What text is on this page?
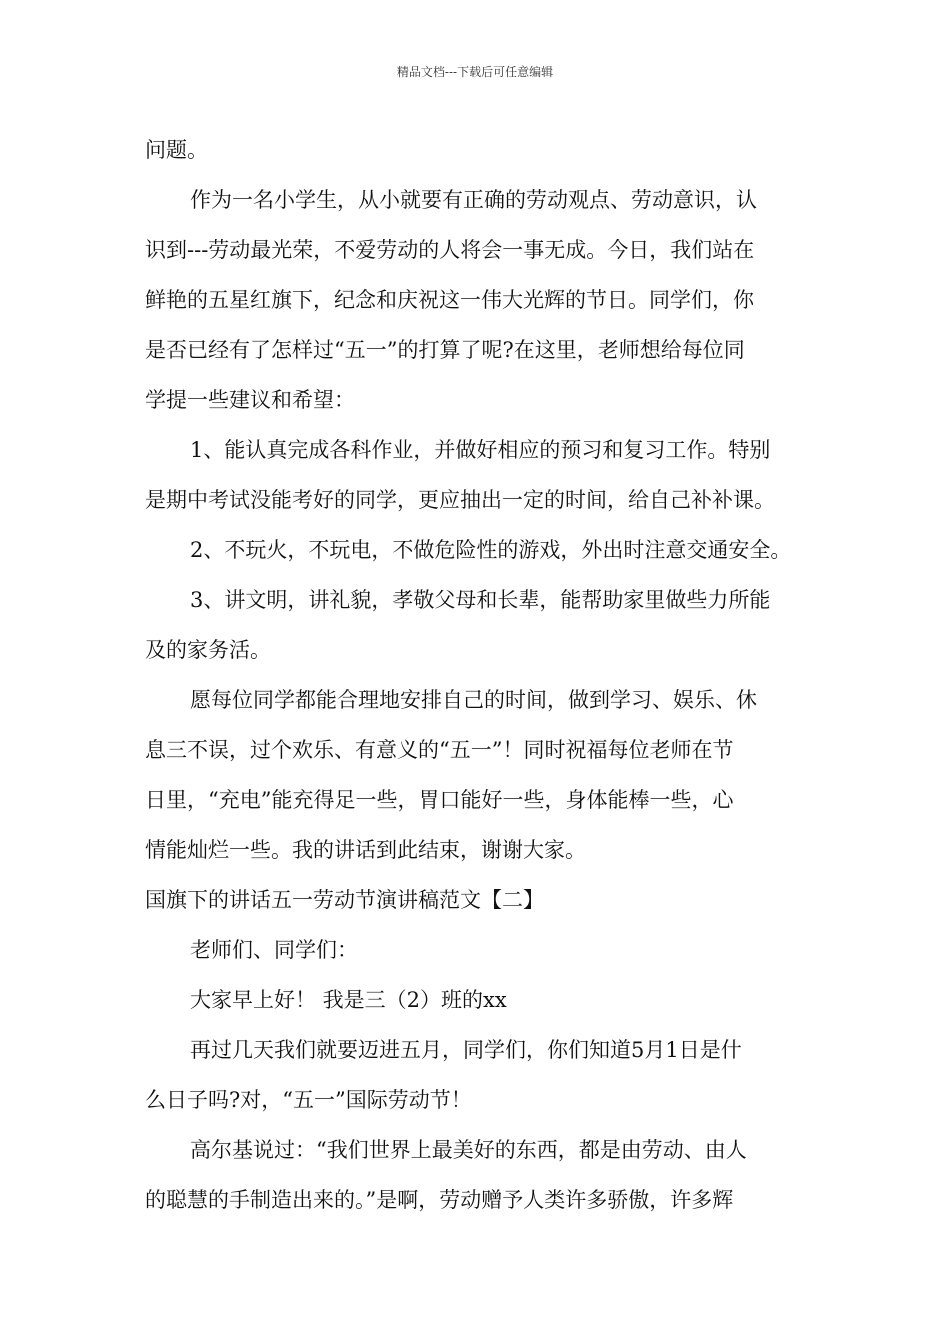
精品文档---下载后可任意编辑
问题。
作为一名小学生，从小就要有正确的劳动观点、劳动意识，认
识到---劳动最光荣，不爱劳动的人将会一事无成。今日，我们站在
鲜艳的五星红旗下，纪念和庆祝这一伟大光辉的节日。同学们，你
是否已经有了怎样过“五一”的打算了呢?在这里，老师想给每位同
学提一些建议和希望：
1、能认真完成各科作业，并做好相应的预习和复习工作。特别
是期中考试没能考好的同学，更应抽出一定的时间，给自己补补课。
2、不玩火，不玩电，不做危险性的游戏，外出时注意交通安全。
3、讲文明，讲礼貌，孝敬父母和长辈，能帮助家里做些力所能
及的家务活。
愿每位同学都能合理地安排自己的时间，做到学习、娱乐、休
息三不误，过个欢乐、有意义的“五一”！同时祝福每位老师在节
日里，“充电”能充得足一些，胃口能好一些，身体能棒一些，心
情能灿烂一些。我的讲话到此结束，谢谢大家。
国旗下的讲话五一劳动节演讲稿范文【二】
老师们、同学们：
大家早上好！ 我是三（2）班的xx
再过几天我们就要迈进五月，同学们，你们知道5月1日是什
么日子吗?对，“五一”国际劳动节！
高尔基说过：“我们世界上最美好的东西，都是由劳动、由人
的聪慧的手制造出来的。”是啊，劳动赠予人类许多骄傲，许多辉
